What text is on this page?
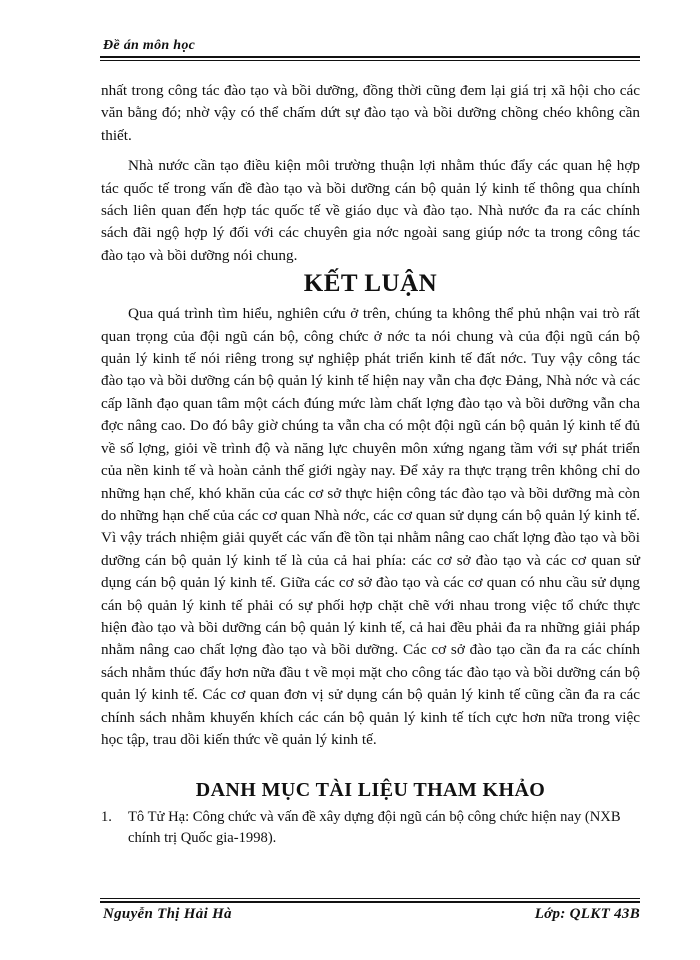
Đề án môn học

nhất trong công tác đào tạo và bồi dưỡng, đồng thời cũng đem lại giá trị xã hội cho các văn bằng đó; nhờ vậy có thể chấm dứt sự đào tạo và bồi dưỡng chồng chéo không cần thiết.

Nhà nước cần tạo điều kiện môi trường thuận lợi nhằm thúc đẩy các quan hệ hợp tác quốc tế trong vấn đề đào tạo và bồi dưỡng cán bộ quản lý kinh tế thông qua chính sách liên quan đến hợp tác quốc tế về giáo dục và đào tạo. Nhà nước đa ra các chính sách đãi ngộ hợp lý đối với các chuyên gia nớc ngoài sang giúp nớc ta trong công tác đào tạo và bồi dưỡng nói chung.

KẾT LUẬN

Qua quá trình tìm hiểu, nghiên cứu ở trên, chúng ta không thể phủ nhận vai trò rất quan trọng của đội ngũ cán bộ, công chức ở nớc ta nói chung và của đội ngũ cán bộ quản lý kinh tế nói riêng trong sự nghiệp phát triển kinh tế đất nớc. Tuy vậy công tác đào tạo và bồi dưỡng cán bộ quản lý kinh tế hiện nay vẫn cha đợc Đảng, Nhà nớc và các cấp lãnh đạo quan tâm một cách đúng mức làm chất lợng đào tạo và bồi dưỡng vẫn cha đợc nâng cao. Do đó bây giờ chúng ta vẫn cha có một đội ngũ cán bộ quản lý kinh tế đủ về số lợng, giỏi về trình độ và năng lực chuyên môn xứng ngang tầm với sự phát triển của nền kinh tế và hoàn cảnh thế giới ngày nay. Để xảy ra thực trạng trên không chỉ do những hạn chế, khó khăn của các cơ sở thực hiện công tác đào tạo và bồi dưỡng mà còn do những hạn chế của các cơ quan Nhà nớc, các cơ quan sử dụng cán bộ quản lý kinh tế. Vì vậy trách nhiệm giải quyết các vấn đề tồn tại nhằm nâng cao chất lợng đào tạo và bồi dưỡng cán bộ quản lý kinh tế là của cả hai phía: các cơ sở đào tạo và các cơ quan sử dụng cán bộ quản lý kinh tế. Giữa các cơ sở đào tạo và các cơ quan có nhu cầu sử dụng cán bộ quản lý kinh tế phải có sự phối hợp chặt chẽ với nhau trong việc tổ chức thực hiện đào tạo và bồi dưỡng cán bộ quản lý kinh tế, cả hai đều phải đa ra những giải pháp nhằm nâng cao chất lợng đào tạo và bồi dưỡng. Các cơ sở đào tạo cần đa ra các chính sách nhằm thúc đẩy hơn nữa đầu t về mọi mặt cho công tác đào tạo và bồi dưỡng cán bộ quản lý kinh tế. Các cơ quan đơn vị sử dụng cán bộ quản lý kinh tế cũng cần đa ra các chính sách nhằm khuyến khích các cán bộ quản lý kinh tế tích cực hơn nữa trong việc học tập, trau dồi kiến thức về quản lý kinh tế.

DANH MỤC TÀI LIỆU THAM KHẢO
1. Tô Tử Hạ: Công chức và vấn đề xây dựng đội ngũ cán bộ công chức hiện nay (NXB chính trị Quốc gia-1998).
Nguyễn Thị Hải Hà	Lớp: QLKT 43B
